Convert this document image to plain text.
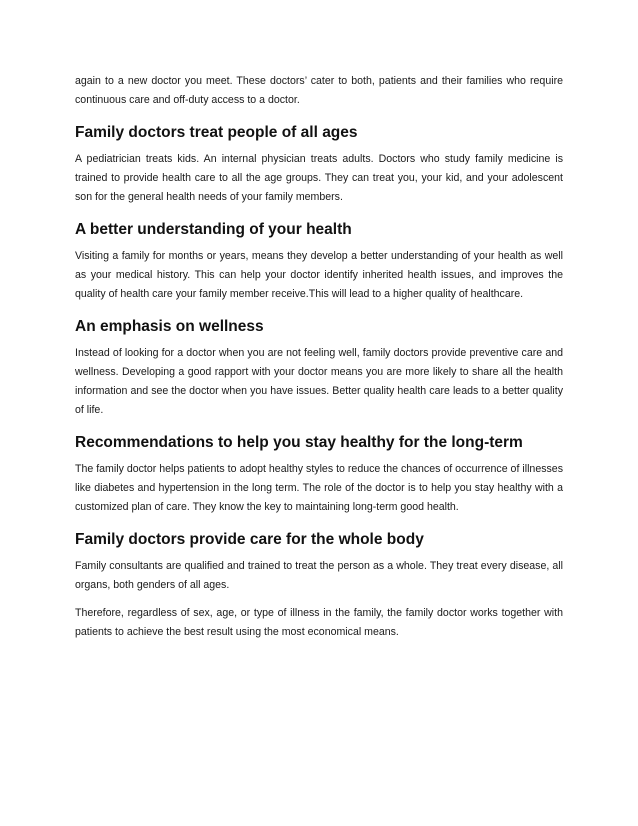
again to a new doctor you meet. These doctors’ cater to both, patients and their families who require continuous care and off-duty access to a doctor.

Family doctors treat people of all ages

A pediatrician treats kids. An internal physician treats adults. Doctors who study family medicine is trained to provide health care to all the age groups. They can treat you, your kid, and your adolescent son for the general health needs of your family members.

A better understanding of your health

Visiting a family for months or years, means they develop a better understanding of your health as well as your medical history. This can help your doctor identify inherited health issues, and improves the quality of health care your family member receive.This will lead to a higher quality of healthcare.

An emphasis on wellness

Instead of looking for a doctor when you are not feeling well, family doctors provide preventive care and wellness. Developing a good rapport with your doctor means you are more likely to share all the health information and see the doctor when you have issues. Better quality health care leads to a better quality of life.

Recommendations to help you stay healthy for the long-term

The family doctor helps patients to adopt healthy styles to reduce the chances of occurrence of illnesses like diabetes and hypertension in the long term. The role of the doctor is to help you stay healthy with a customized plan of care. They know the key to maintaining long-term good health.

Family doctors provide care for the whole body

Family consultants are qualified and trained to treat the person as a whole. They treat every disease, all organs, both genders of all ages.

Therefore, regardless of sex, age, or type of illness in the family, the family doctor works together with patients to achieve the best result using the most economical means.
